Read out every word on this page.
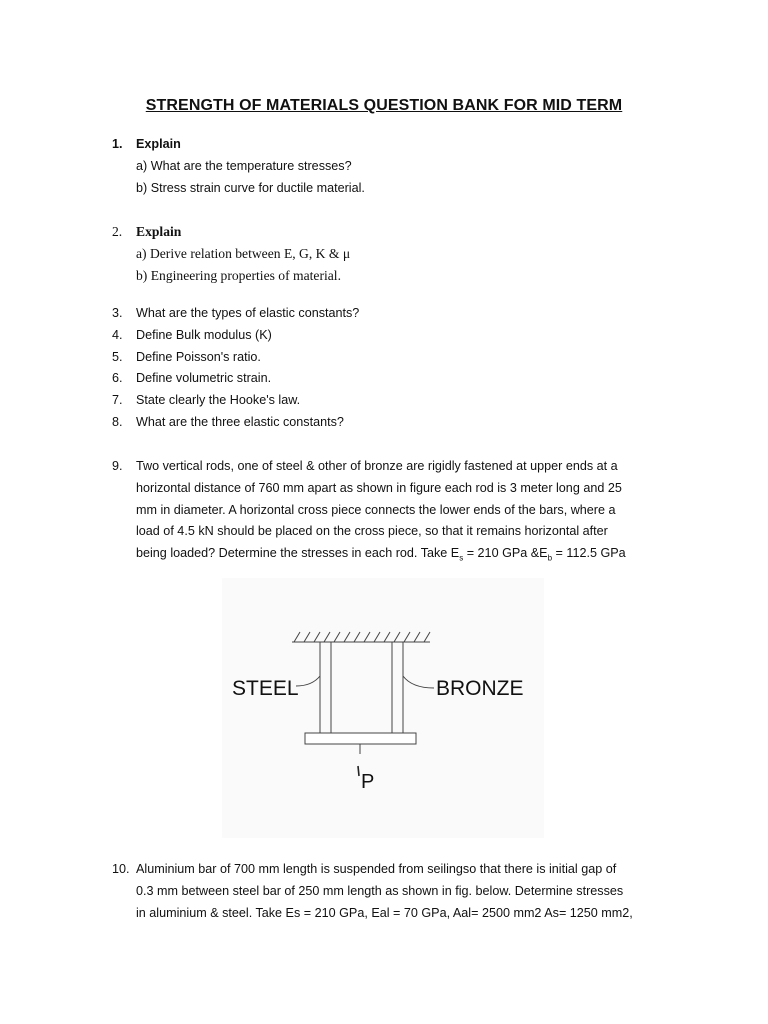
STRENGTH OF MATERIALS QUESTION BANK FOR MID TERM
1.	Explain
a) What are the temperature stresses?
b) Stress strain curve for ductile material.
2.	Explain
a) Derive relation between E, G, K & μ
b) Engineering properties of material.
3.	What are the types of elastic constants?
4.	Define Bulk modulus (K)
5.	Define Poisson's ratio.
6.	Define volumetric strain.
7.	State clearly the Hooke's law.
8.	What are the three elastic constants?
9.	Two vertical rods, one of steel & other of bronze are rigidly fastened at upper ends at a
horizontal distance of 760 mm apart as shown in figure each rod is 3 meter long and 25
mm in diameter. A horizontal cross piece connects the lower ends of the bars, where a
load of 4.5 kN should be placed on the cross piece, so that it remains horizontal after
being loaded? Determine the stresses in each rod. Take $E_s = 210$ GPa $\&E_b = 112.5$ GPa
STEEL	BRONZE
P
10. Aluminium bar of 700 mm length is suspended from seilingso that there is initial gap of
0.3 mm between steel bar of 250 mm length as shown in fig. below. Determine stresses
in aluminium & steel. Take Es = 210 GPa, Eal = 70 GPa, Aal= 2500 mm2 As= 1250 mm2,
